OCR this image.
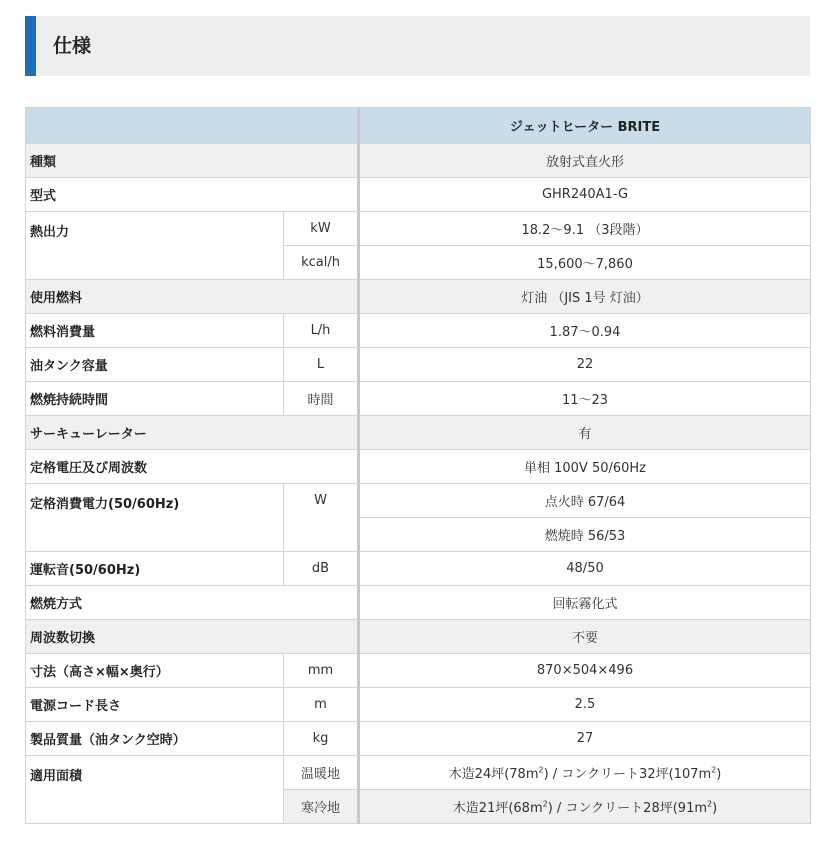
仕様
		ジェットヒーター BRITE
種類		放射式直火形
型式		GHR240A1-G
熱出力	kW	18.2～9.1 （3段階）
	kcal/h	15,600～7,860
使用燃料		灯油 （JIS 1号 灯油）
燃料消費量	L/h	1.87～0.94
油タンク容量	L	22
燃焼持続時間	時間	11～23
サーキューレーター		有
定格電圧及び周波数		単相 100V 50/60Hz
定格消費電力(50/60Hz)	W	点火時 67/64
		燃焼時 56/53
運転音(50/60Hz)	dB	48/50
燃焼方式		回転霧化式
周波数切換		不要
寸法（高さ×幅×奥行）	mm	870×504×496
電源コード長さ	m	2.5
製品質量（油タンク空時）	kg	27
適用面積	温暖地	木造24坪$(78m^2)$ / コンクリート32坪$(107m^2)$
	寒冷地	木造21坪$(68m^2)$ / コンクリート28坪$(91m^2)$
